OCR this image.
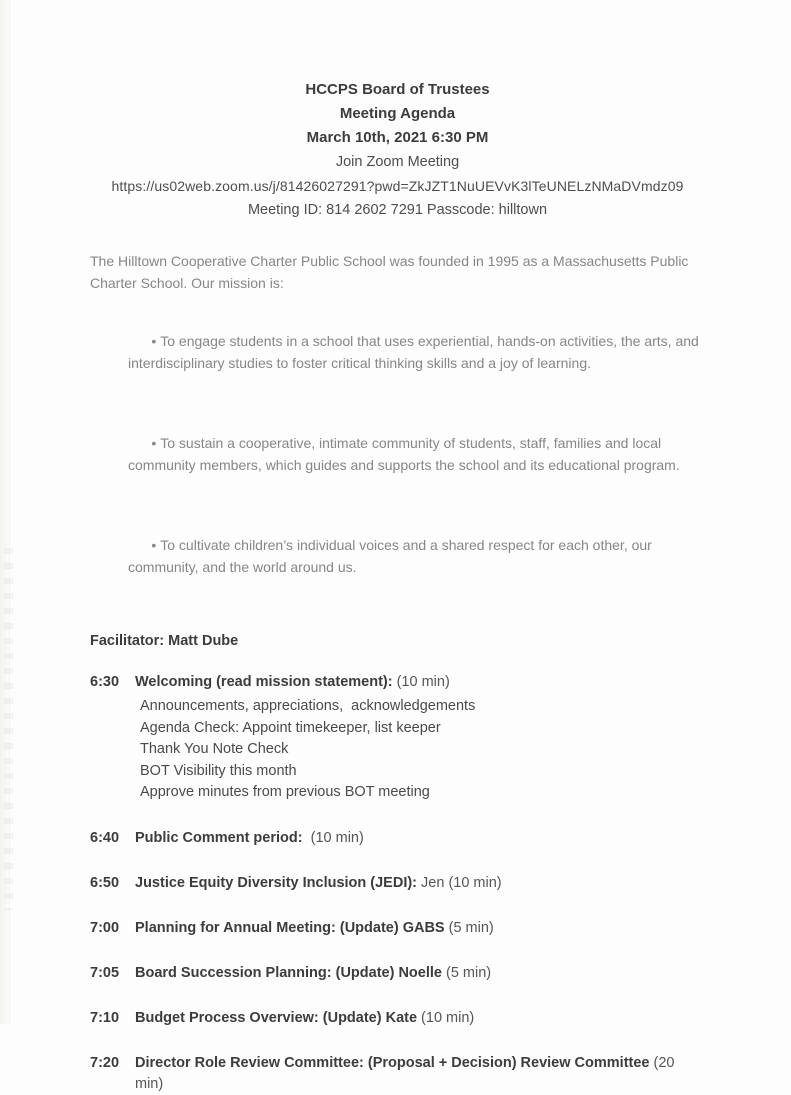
HCCPS Board of Trustees
Meeting Agenda
March 10th, 2021 6:30 PM
Join Zoom Meeting
https://us02web.zoom.us/j/81426027291?pwd=ZkJZT1NuUEVvK3lTeUNELzNMaDVmdz09
Meeting ID: 814 2602 7291 Passcode: hilltown
The Hilltown Cooperative Charter Public School was founded in 1995 as a Massachusetts Public Charter School. Our mission is:

• To engage students in a school that uses experiential, hands-on activities, the arts, and interdisciplinary studies to foster critical thinking skills and a joy of learning.

• To sustain a cooperative, intimate community of students, staff, families and local community members, which guides and supports the school and its educational program.

• To cultivate children’s individual voices and a shared respect for each other, our community, and the world around us.

Facilitator: Matt Dube
6:30	Welcoming (read mission statement): (10 min)
Announcements, appreciations,  acknowledgements
Agenda Check: Appoint timekeeper, list keeper
Thank You Note Check
BOT Visibility this month
Approve minutes from previous BOT meeting
6:40	Public Comment period:  (10 min)
6:50	Justice Equity Diversity Inclusion (JEDI): Jen (10 min)
7:00	Planning for Annual Meeting: (Update) GABS (5 min)
7:05	Board Succession Planning: (Update) Noelle (5 min)
7:10	Budget Process Overview: (Update) Kate (10 min)
7:20	Director Role Review Committee: (Proposal + Decision) Review Committee (20 min)
